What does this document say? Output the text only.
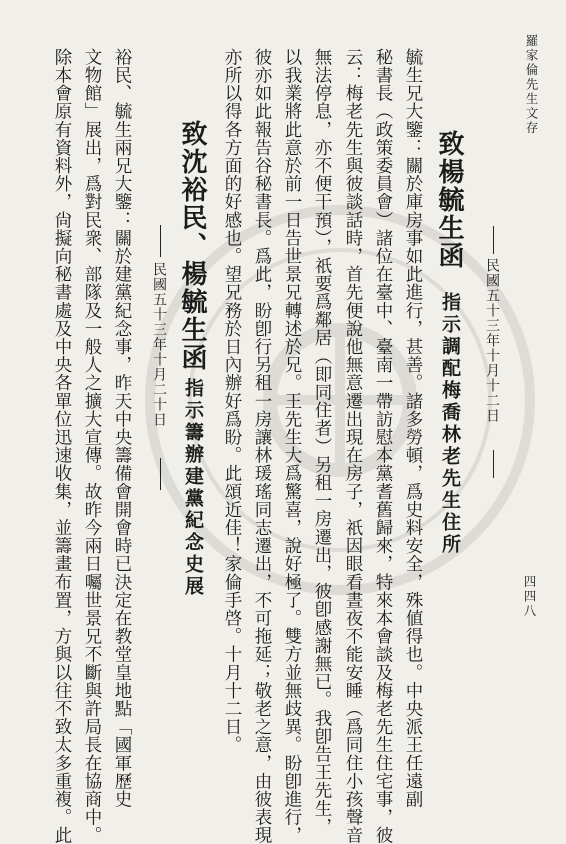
羅家倫先生文存
四四八
致楊毓生函
指示調配梅喬林老先生住所 民國五十三年十月十二日
毓生兄大鑒：關於庫房事如此進行，甚善。諸多勞頓，爲史料安全，殊値得也。中央派王任遠副
秘書長（政策委員會）諸位在臺中、臺南一帶訪慰本黨耆舊歸來，特來本會談及梅老先生住宅事，彼
云：梅老先生與彼談話時，首先便說他無意遷出現在房子，祇因眼看晝夜不能安睡（爲同住小孩聲音
無法停息，亦不便干預），祇要爲鄰居（即同住者）另租一房遷出，彼卽感謝無已。我卽告王先生，
以我業將此意於前一日告世景兄轉述於兄。王先生大爲驚喜，說好極了。雙方並無歧異。盼卽進行，
彼亦如此報告谷秘書長。爲此，盼卽行另租一房讓林瑗瑤同志遷出，不可拖延；敬老之意，由彼表現
亦所以得各方面的好感也。望兄務於日內辦好爲盼。此頌近佳！家倫手啓。十月十二日。
致沈裕民、楊毓生函
指示籌辦建黨紀念史展
民國五十三年十月二十日
裕民、毓生兩兄大鑒：關於建黨紀念事，昨天中央籌備會開會時已決定在教堂皇地點「國軍歷史
文物館」展出，爲對民衆、部隊及一般人之擴大宣傳。故昨今兩日囑世景兄不斷與許局長在協商中。
除本會原有資料外，尙擬向秘書處及中央各單位迅速收集，並籌畫布置，方與以往不致太多重複。此
